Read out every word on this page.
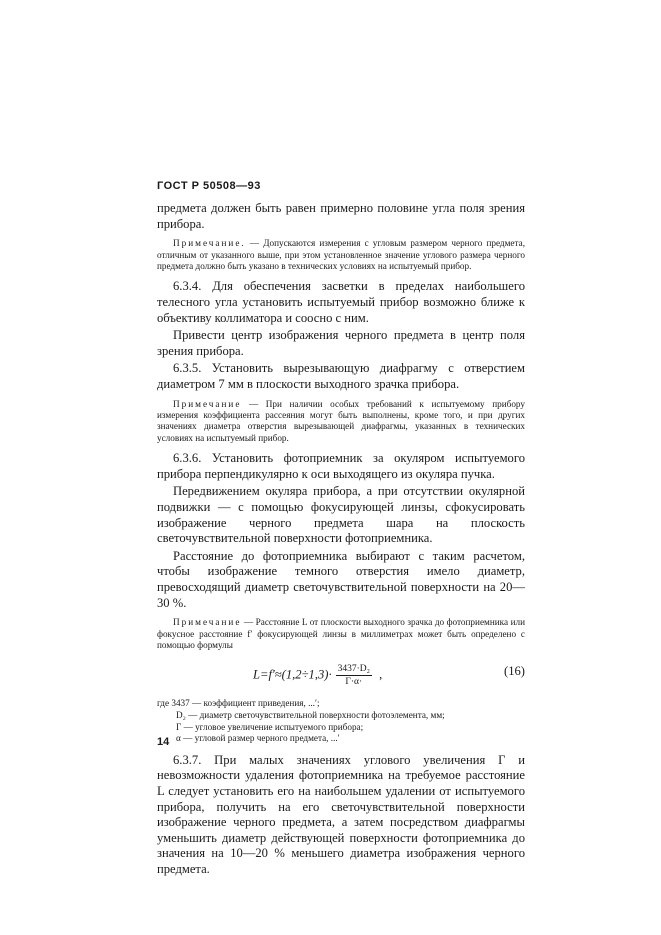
ГОСТ Р 50508—93

предмета должен быть равен примерно половине угла поля зрения прибора.

Примечание. — Допускаются измерения с угловым размером черного предмета, отличным от указанного выше, при этом установленное значение углового размера черного предмета должно быть указано в технических условиях на испытуемый прибор.

6.3.4. Для обеспечения засветки в пределах наибольшего телесного угла установить испытуемый прибор возможно ближе к объективу коллиматора и соосно с ним.

Привести центр изображения черного предмета в центр поля зрения прибора.

6.3.5. Установить вырезывающую диафрагму с отверстием диаметром 7 мм в плоскости выходного зрачка прибора.

Примечание — При наличии особых требований к испытуемому прибору измерения коэффициента рассеяния могут быть выполнены, кроме того, и при других значениях диаметра отверстия вырезывающей диафрагмы, указанных в технических условиях на испытуемый прибор.

6.3.6. Установить фотоприемник за окуляром испытуемого прибора перпендикулярно к оси выходящего из окуляра пучка.

Передвижением окуляра прибора, а при отсутствии окулярной подвижки — с помощью фокусирующей линзы, сфокусировать изображение черного предмета шара на плоскость светочувствительной поверхности фотоприемника.

Расстояние до фотоприемника выбирают с таким расчетом, чтобы изображение темного отверстия имело диаметр, превосходящий диаметр светочувствительной поверхности на 20—30 %.

Примечание — Расстояние L от плоскости выходного зрачка до фотоприемника или фокусное расстояние f′ фокусирующей линзы в миллиметрах может быть определено с помощью формулы

$L=f'\approx(1,2\div 1,3)\cdot \frac{\text{3437·D₂}}{Г\cdot\alpha\cdot}$ ,	(16)
где 3437 — коэффициент приведения, ...′;
D₂ — диаметр светочувствительной поверхности фотоэлемента, мм;
Г — угловое увеличение испытуемого прибора;
α — угловой размер черного предмета, ...′

6.3.7. При малых значениях углового увеличения Г и невозможности удаления фотоприемника на требуемое расстояние L следует установить его на наибольшем удалении от испытуемого прибора, получить на его светочувствительной поверхности изображение черного предмета, а затем посредством диафрагмы уменьшить диаметр действующей поверхности фотоприемника до значения на 10—20 % меньшего диаметра изображения черного предмета.

14
